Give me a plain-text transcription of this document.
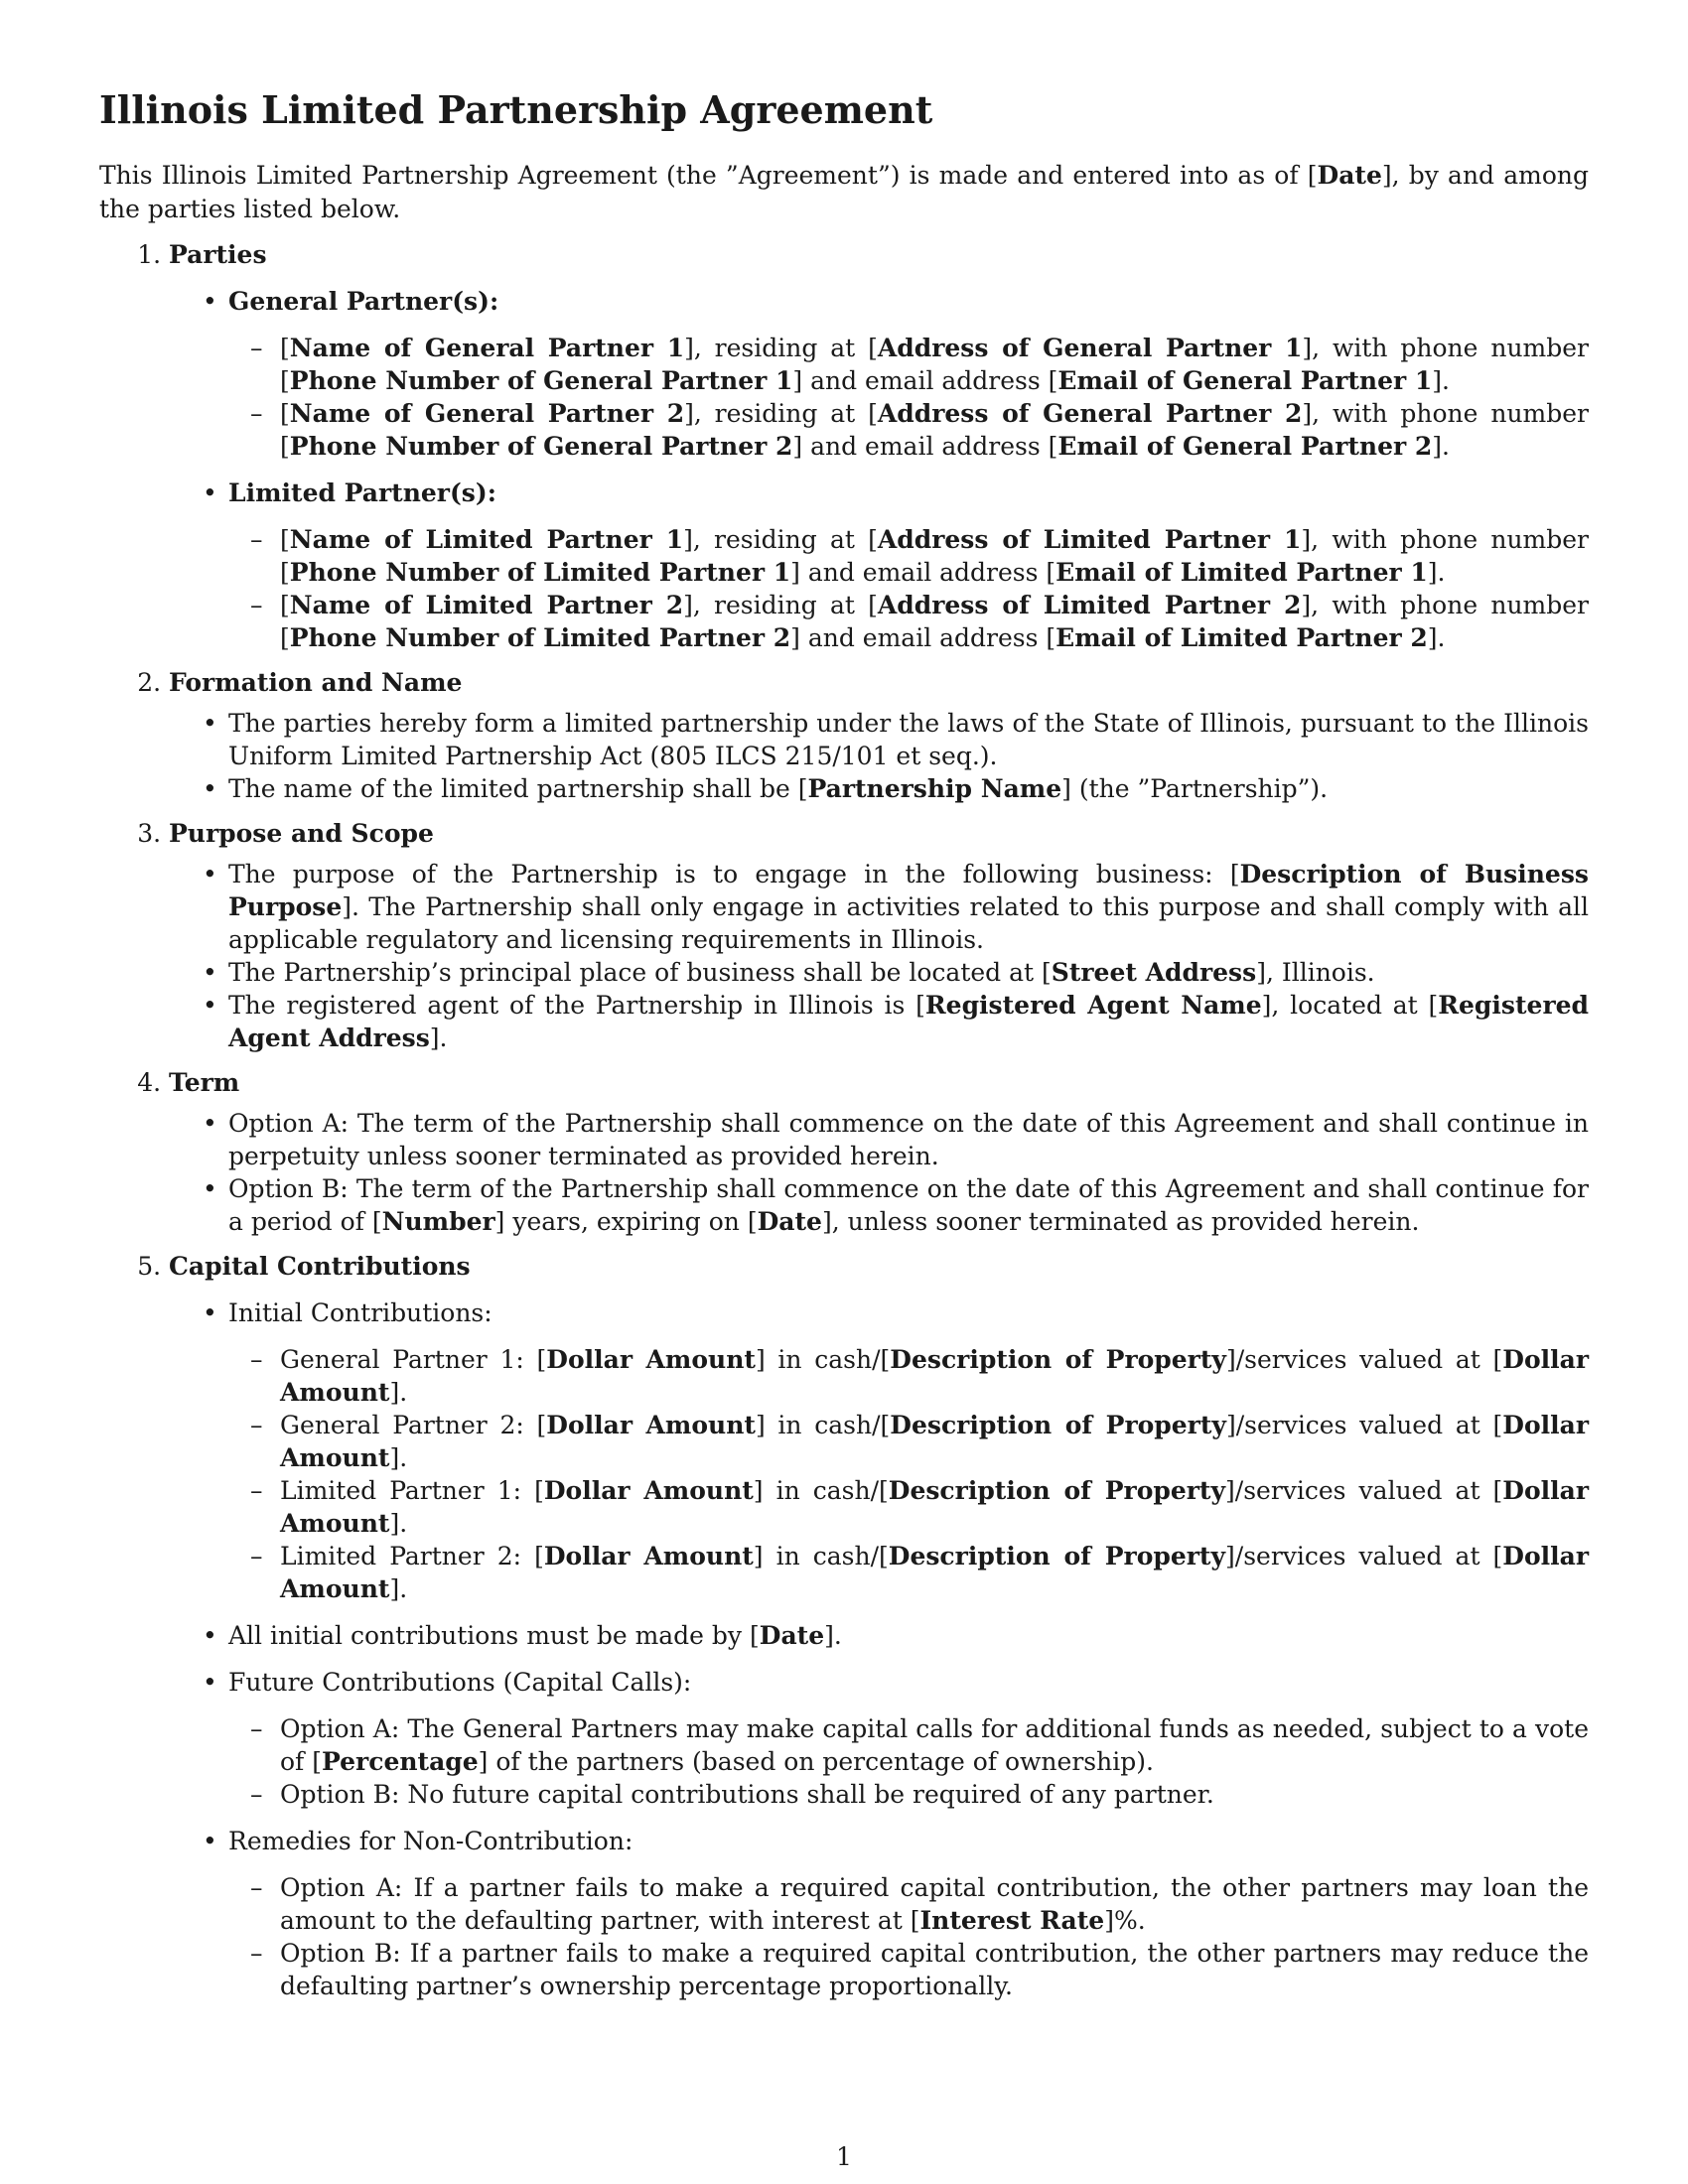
Illinois Limited Partnership Agreement

This Illinois Limited Partnership Agreement (the ”Agreement”) is made and entered into as of [Date], by and among the parties listed below.

1. Parties
• General Partner(s):
– [Name of General Partner 1], residing at [Address of General Partner 1], with phone number [Phone Number of General Partner 1] and email address [Email of General Partner 1].
– [Name of General Partner 2], residing at [Address of General Partner 2], with phone number [Phone Number of General Partner 2] and email address [Email of General Partner 2].
• Limited Partner(s):
– [Name of Limited Partner 1], residing at [Address of Limited Partner 1], with phone number [Phone Number of Limited Partner 1] and email address [Email of Limited Partner 1].
– [Name of Limited Partner 2], residing at [Address of Limited Partner 2], with phone number [Phone Number of Limited Partner 2] and email address [Email of Limited Partner 2].
2. Formation and Name
• The parties hereby form a limited partnership under the laws of the State of Illinois, pursuant to the Illinois Uniform Limited Partnership Act (805 ILCS 215/101 et seq.).
• The name of the limited partnership shall be [Partnership Name] (the ”Partnership”).
3. Purpose and Scope
• The purpose of the Partnership is to engage in the following business: [Description of Business Purpose]. The Partnership shall only engage in activities related to this purpose and shall comply with all applicable regulatory and licensing requirements in Illinois.
• The Partnership’s principal place of business shall be located at [Street Address], Illinois.
• The registered agent of the Partnership in Illinois is [Registered Agent Name], located at [Registered Agent Address].
4. Term
• Option A: The term of the Partnership shall commence on the date of this Agreement and shall continue in perpetuity unless sooner terminated as provided herein.
• Option B: The term of the Partnership shall commence on the date of this Agreement and shall continue for a period of [Number] years, expiring on [Date], unless sooner terminated as provided herein.
5. Capital Contributions
• Initial Contributions:
– General Partner 1: [Dollar Amount] in cash/[Description of Property]/services valued at [Dollar Amount].
– General Partner 2: [Dollar Amount] in cash/[Description of Property]/services valued at [Dollar Amount].
– Limited Partner 1: [Dollar Amount] in cash/[Description of Property]/services valued at [Dollar Amount].
– Limited Partner 2: [Dollar Amount] in cash/[Description of Property]/services valued at [Dollar Amount].
• All initial contributions must be made by [Date].
• Future Contributions (Capital Calls):
– Option A: The General Partners may make capital calls for additional funds as needed, subject to a vote of [Percentage] of the partners (based on percentage of ownership).
– Option B: No future capital contributions shall be required of any partner.
• Remedies for Non-Contribution:
– Option A: If a partner fails to make a required capital contribution, the other partners may loan the amount to the defaulting partner, with interest at [Interest Rate]%.
– Option B: If a partner fails to make a required capital contribution, the other partners may reduce the defaulting partner’s ownership percentage proportionally.
1
